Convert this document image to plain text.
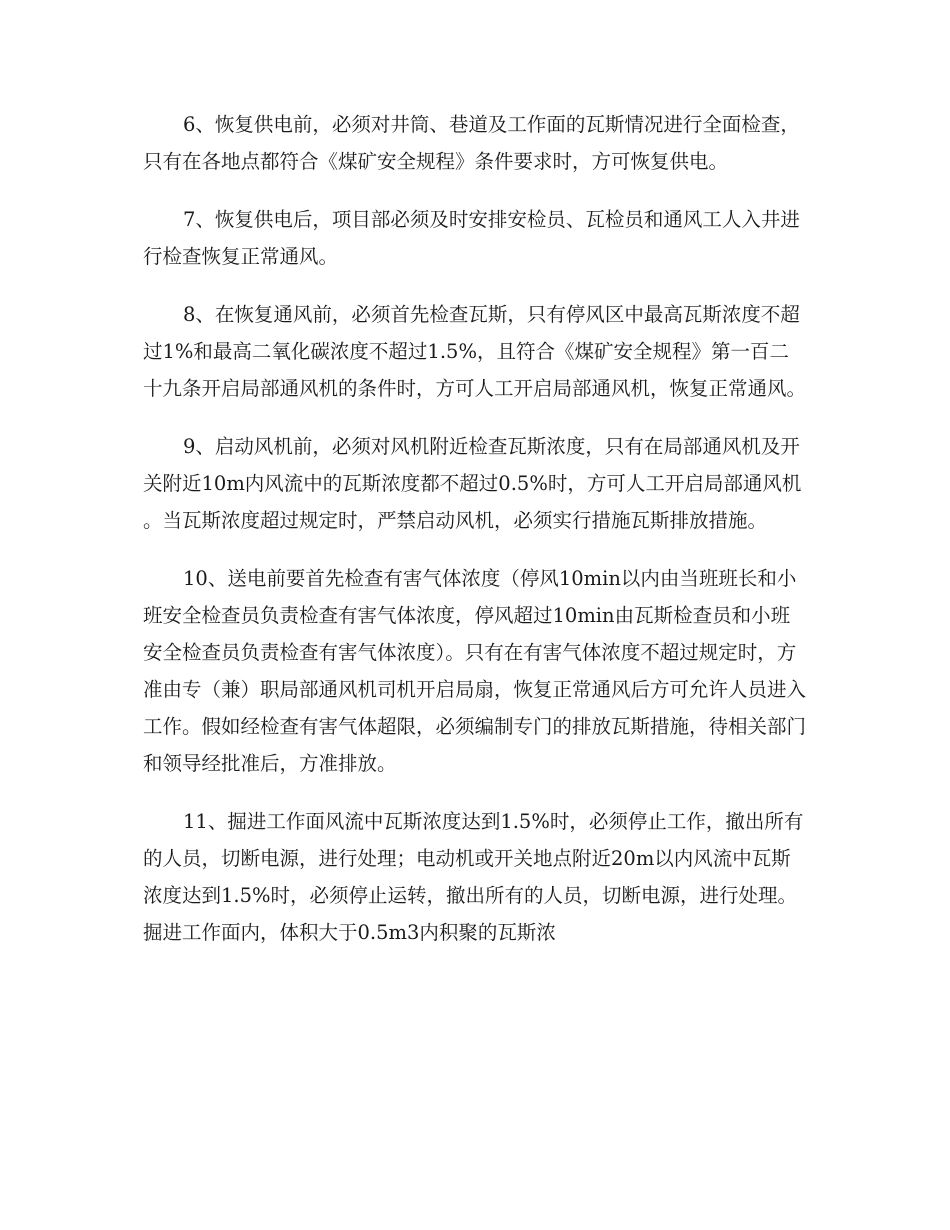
6、恢复供电前，必须对井筒、巷道及工作面的瓦斯情况进行全面检查，只有在各地点都符合《煤矿安全规程》条件要求时，方可恢复供电。

7、恢复供电后，项目部必须及时安排安检员、瓦检员和通风工人入井进行检查恢复正常通风。

8、在恢复通风前，必须首先检查瓦斯，只有停风区中最高瓦斯浓度不超过1%和最高二氧化碳浓度不超过1.5%，且符合《煤矿安全规程》第一百二十九条开启局部通风机的条件时，方可人工开启局部通风机，恢复正常通风。

9、启动风机前，必须对风机附近检查瓦斯浓度，只有在局部通风机及开关附近10m内风流中的瓦斯浓度都不超过0.5%时，方可人工开启局部通风机。当瓦斯浓度超过规定时，严禁启动风机，必须实行措施瓦斯排放措施。

10、送电前要首先检查有害气体浓度（停风10min以内由当班班长和小班安全检查员负责检查有害气体浓度，停风超过10min由瓦斯检查员和小班安全检查员负责检查有害气体浓度）。只有在有害气体浓度不超过规定时，方准由专（兼）职局部通风机司机开启局扇，恢复正常通风后方可允许人员进入工作。假如经检查有害气体超限，必须编制专门的排放瓦斯措施，待相关部门和领导经批准后，方准排放。

11、掘进工作面风流中瓦斯浓度达到1.5%时，必须停止工作，撤出所有的人员，切断电源，进行处理；电动机或开关地点附近20m以内风流中瓦斯浓度达到1.5%时，必须停止运转，撤出所有的人员，切断电源，进行处理。掘进工作面内，体积大于0.5m3内积聚的瓦斯浓
